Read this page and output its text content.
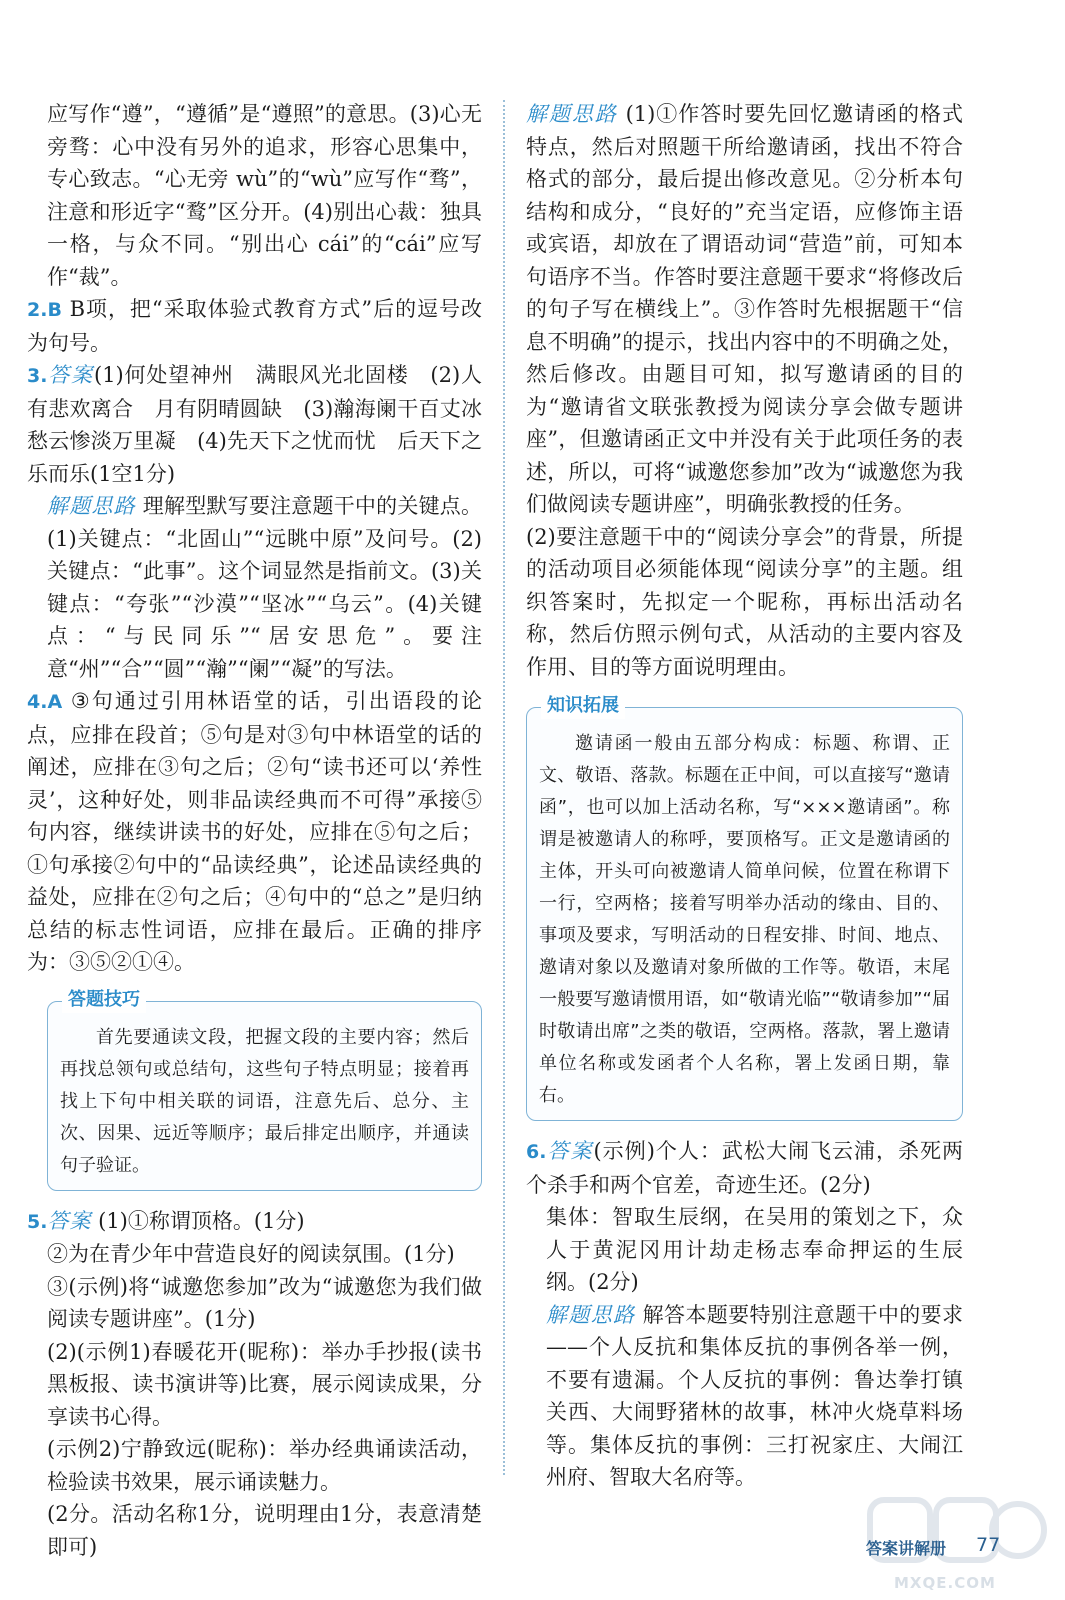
应写作“遵”，“遵循”是“遵照”的意思。(3)心无旁骛：心中没有另外的追求，形容心思集中，专心致志。“心无旁 wù”的“wù”应写作“骛”，注意和形近字“鹜”区分开。(4)别出心裁：独具一格，与众不同。“别出心 cái”的“cái”应写作“裁”。

2.B B项，把“采取体验式教育方式”后的逗号改为句号。

3.答案(1)何处望神州　满眼风光北固楼　(2)人有悲欢离合　月有阴晴圆缺　(3)瀚海阑干百丈冰　愁云惨淡万里凝　(4)先天下之忧而忧　后天下之乐而乐(1空1分)

解题思路 理解型默写要注意题干中的关键点。(1)关键点：“北固山”“远眺中原”及问号。(2)关键点：“此事”。这个词显然是指前文。(3)关键点：“夸张”“沙漠”“坚冰”“乌云”。(4)关键点：“与民同乐”“居安思危”。要注意“州”“合”“圆”“瀚”“阑”“凝”的写法。

4.A ③句通过引用林语堂的话，引出语段的论点，应排在段首；⑤句是对③句中林语堂的话的阐述，应排在③句之后；②句“读书还可以‘养性灵’，这种好处，则非品读经典而不可得”承接⑤句内容，继续讲读书的好处，应排在⑤句之后；①句承接②句中的“品读经典”，论述品读经典的益处，应排在②句之后；④句中的“总之”是归纳总结的标志性词语，应排在最后。正确的排序为：③⑤②①④。

答题技巧

首先要通读文段，把握文段的主要内容；然后再找总领句或总结句，这些句子特点明显；接着再找上下句中相关联的词语，注意先后、总分、主次、因果、远近等顺序；最后排定出顺序，并通读句子验证。

5.答案 (1)①称谓顶格。(1分)

②为在青少年中营造良好的阅读氛围。(1分)

③(示例)将“诚邀您参加”改为“诚邀您为我们做阅读专题讲座”。(1分)

(2)(示例1)春暖花开(昵称)：举办手抄报(读书黑板报、读书演讲等)比赛，展示阅读成果，分享读书心得。

(示例2)宁静致远(昵称)：举办经典诵读活动，检验读书效果，展示诵读魅力。

(2分。活动名称1分，说明理由1分，表意清楚即可)

解题思路 (1)①作答时要先回忆邀请函的格式特点，然后对照题干所给邀请函，找出不符合格式的部分，最后提出修改意见。②分析本句结构和成分，“良好的”充当定语，应修饰主语或宾语，却放在了谓语动词“营造”前，可知本句语序不当。作答时要注意题干要求“将修改后的句子写在横线上”。③作答时先根据题干“信息不明确”的提示，找出内容中的不明确之处，然后修改。由题目可知，拟写邀请函的目的为“邀请省文联张教授为阅读分享会做专题讲座”，但邀请函正文中并没有关于此项任务的表述，所以，可将“诚邀您参加”改为“诚邀您为我们做阅读专题讲座”，明确张教授的任务。

(2)要注意题干中的“阅读分享会”的背景，所提的活动项目必须能体现“阅读分享”的主题。组织答案时，先拟定一个昵称，再标出活动名称，然后仿照示例句式，从活动的主要内容及作用、目的等方面说明理由。

知识拓展

邀请函一般由五部分构成：标题、称谓、正文、敬语、落款。标题在正中间，可以直接写“邀请函”，也可以加上活动名称，写“×××邀请函”。称谓是被邀请人的称呼，要顶格写。正文是邀请函的主体，开头可向被邀请人简单问候，位置在称谓下一行，空两格；接着写明举办活动的缘由、目的、事项及要求，写明活动的日程安排、时间、地点、邀请对象以及邀请对象所做的工作等。敬语，末尾一般要写邀请惯用语，如“敬请光临”“敬请参加”“届时敬请出席”之类的敬语，空两格。落款，署上邀请单位名称或发函者个人名称，署上发函日期，靠右。

6.答案(示例)个人：武松大闹飞云浦，杀死两个杀手和两个官差，奇迹生还。(2分)

集体：智取生辰纲，在吴用的策划之下，众人于黄泥冈用计劫走杨志奉命押运的生辰纲。(2分)

解题思路 解答本题要特别注意题干中的要求——个人反抗和集体反抗的事例各举一例，不要有遗漏。个人反抗的事例：鲁达拳打镇关西、大闹野猪林的故事，林冲火烧草料场等。集体反抗的事例：三打祝家庄、大闹江州府、智取大名府等。

MXQE.COM
答案讲解册 77
